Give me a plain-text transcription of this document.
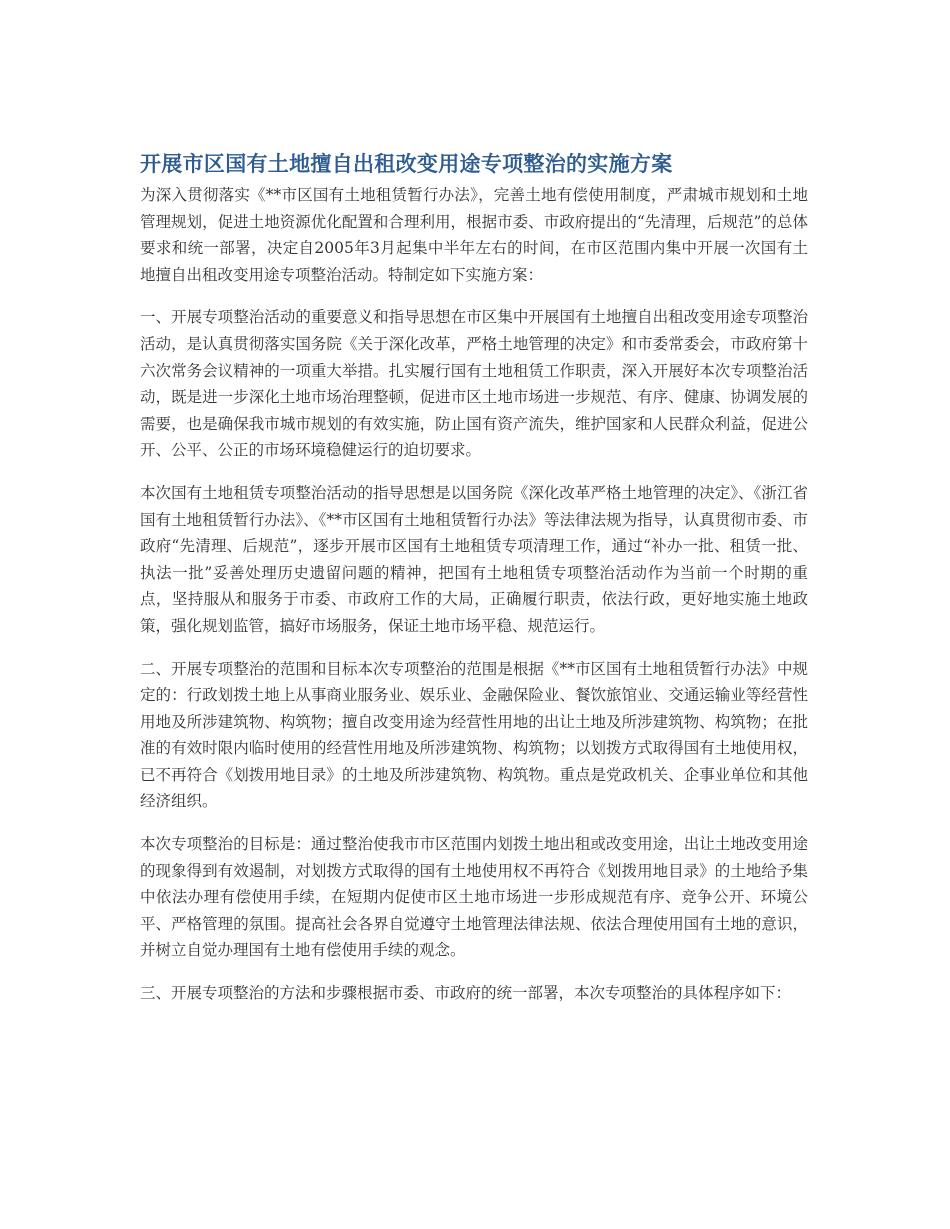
开展市区国有土地擅自出租改变用途专项整治的实施方案

为深入贯彻落实《**市区国有土地租赁暂行办法》，完善土地有偿使用制度，严肃城市规划和土地管理规划，促进土地资源优化配置和合理利用，根据市委、市政府提出的“先清理，后规范”的总体要求和统一部署，决定自2005年3月起集中半年左右的时间，在市区范围内集中开展一次国有土地擅自出租改变用途专项整治活动。特制定如下实施方案：

一、开展专项整治活动的重要意义和指导思想在市区集中开展国有土地擅自出租改变用途专项整治活动，是认真贯彻落实国务院《关于深化改革，严格土地管理的决定》和市委常委会，市政府第十六次常务会议精神的一项重大举措。扎实履行国有土地租赁工作职责，深入开展好本次专项整治活动，既是进一步深化土地市场治理整顿，促进市区土地市场进一步规范、有序、健康、协调发展的需要，也是确保我市城市规划的有效实施，防止国有资产流失，维护国家和人民群众利益，促进公开、公平、公正的市场环境稳健运行的迫切要求。

本次国有土地租赁专项整治活动的指导思想是以国务院《深化改革严格土地管理的决定》、《浙江省国有土地租赁暂行办法》、《**市区国有土地租赁暂行办法》等法律法规为指导，认真贯彻市委、市政府“先清理、后规范”，逐步开展市区国有土地租赁专项清理工作，通过“补办一批、租赁一批、执法一批”妥善处理历史遗留问题的精神，把国有土地租赁专项整治活动作为当前一个时期的重点，坚持服从和服务于市委、市政府工作的大局，正确履行职责，依法行政，更好地实施土地政策，强化规划监管，搞好市场服务，保证土地市场平稳、规范运行。

二、开展专项整治的范围和目标本次专项整治的范围是根据《**市区国有土地租赁暂行办法》中规定的：行政划拨土地上从事商业服务业、娱乐业、金融保险业、餐饮旅馆业、交通运输业等经营性用地及所涉建筑物、构筑物；擅自改变用途为经营性用地的出让土地及所涉建筑物、构筑物；在批准的有效时限内临时使用的经营性用地及所涉建筑物、构筑物；以划拨方式取得国有土地使用权，已不再符合《划拨用地目录》的土地及所涉建筑物、构筑物。重点是党政机关、企事业单位和其他经济组织。

本次专项整治的目标是：通过整治使我市市区范围内划拨土地出租或改变用途，出让土地改变用途的现象得到有效遏制，对划拨方式取得的国有土地使用权不再符合《划拨用地目录》的土地给予集中依法办理有偿使用手续，在短期内促使市区土地市场进一步形成规范有序、竞争公开、环境公平、严格管理的氛围。提高社会各界自觉遵守土地管理法律法规、依法合理使用国有土地的意识，并树立自觉办理国有土地有偿使用手续的观念。

三、开展专项整治的方法和步骤根据市委、市政府的统一部署，本次专项整治的具体程序如下：
